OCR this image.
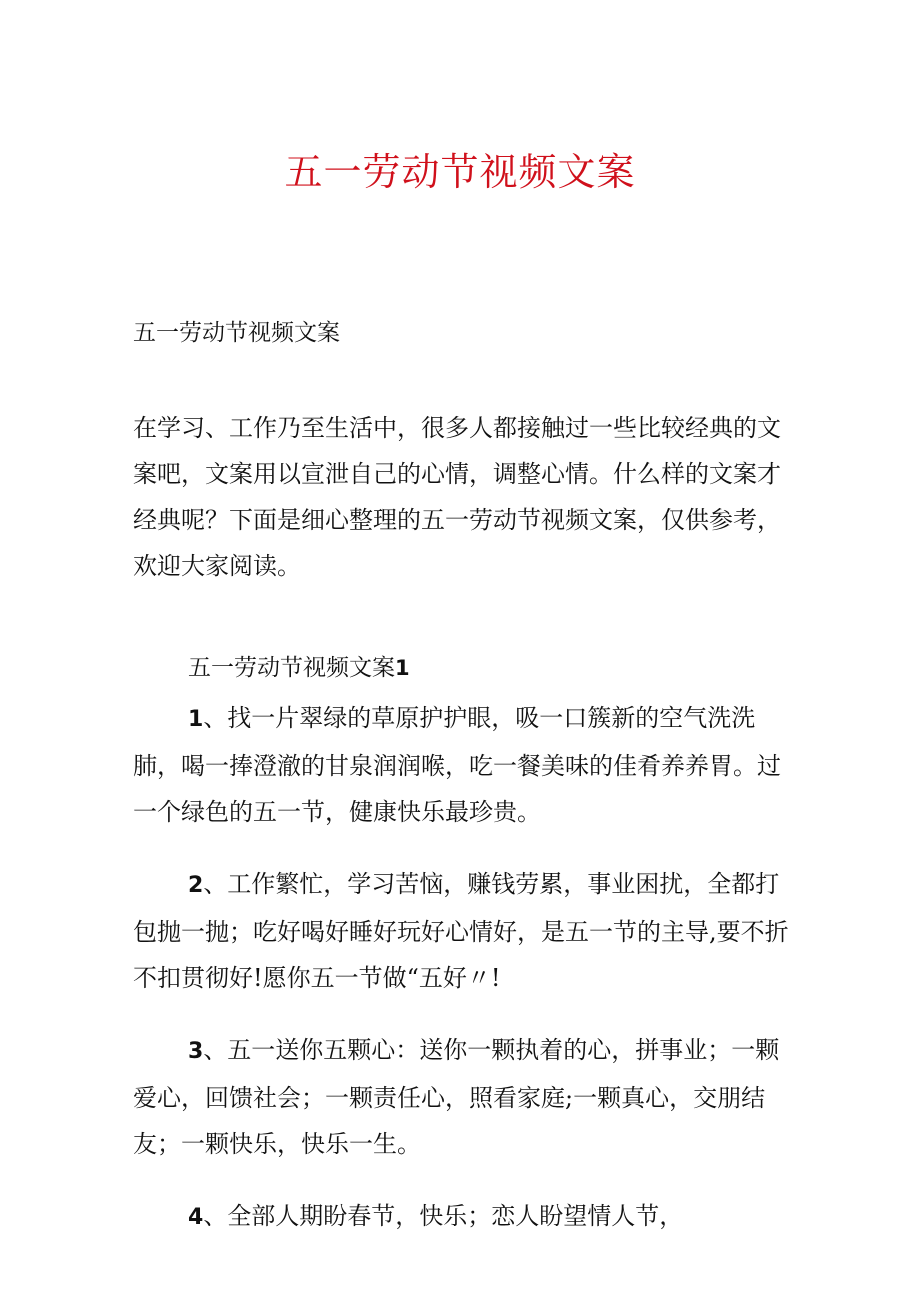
五一劳动节视频文案
五一劳动节视频文案

在学习、工作乃至生活中，很多人都接触过一些比较经典的文案吧，文案用以宣泄自己的心情，调整心情。什么样的文案才经典呢？下面是细心整理的五一劳动节视频文案，仅供参考，欢迎大家阅读。

五一劳动节视频文案1

1、找一片翠绿的草原护护眼，吸一口簇新的空气洗洗肺，喝一捧澄澈的甘泉润润喉，吃一餐美味的佳肴养养胃。过一个绿色的五一节，健康快乐最珍贵。

2、工作繁忙，学习苦恼，赚钱劳累，事业困扰，全都打包抛一抛；吃好喝好睡好玩好心情好，是五一节的主导,要不折不扣贯彻好!愿你五一节做“五好〃!

3、五一送你五颗心：送你一颗执着的心，拼事业；一颗爱心，回馈社会；一颗责任心，照看家庭;一颗真心，交朋结友；一颗快乐，快乐一生。

4、全部人期盼春节，快乐；恋人盼望情人节，
